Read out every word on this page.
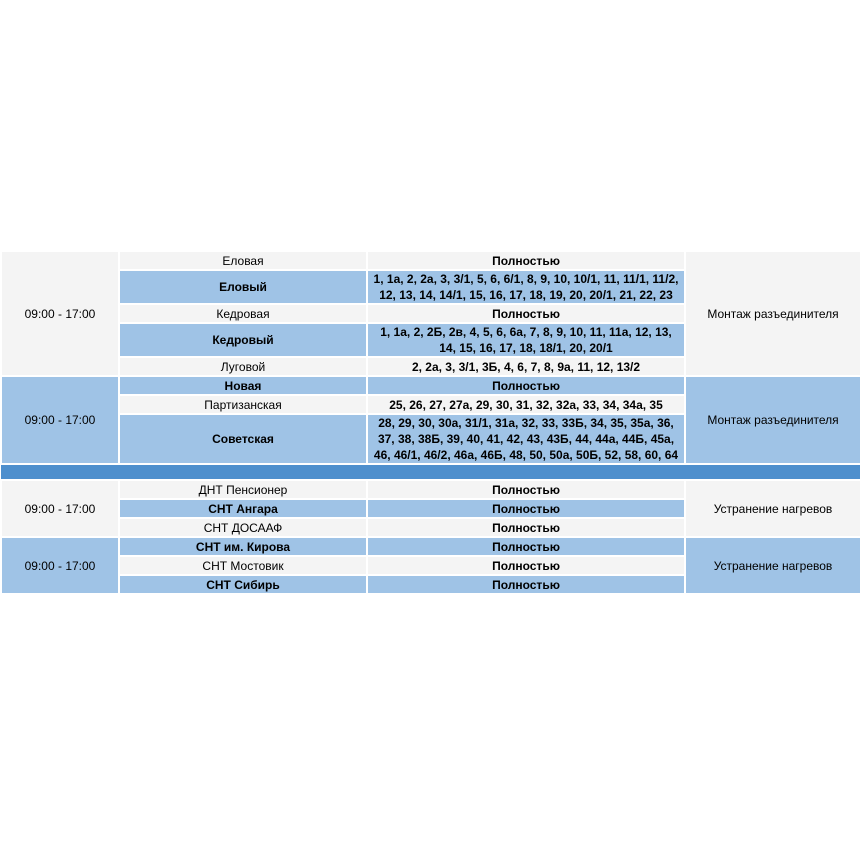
09:00 - 17:00	Еловая	Полностью	Монтаж разъединителя
	Еловый	1, 1а, 2, 2а, 3, 3/1, 5, 6, 6/1, 8, 9, 10, 10/1, 11, 11/1, 11/2, 12, 13, 14, 14/1, 15, 16, 17, 18, 19, 20, 20/1, 21, 22, 23	
	Кедровая	Полностью	
	Кедровый	1, 1а, 2, 2Б, 2в, 4, 5, 6, 6а, 7, 8, 9, 10, 11, 11а, 12, 13, 14, 15, 16, 17, 18, 18/1, 20, 20/1	
	Луговой	2, 2а, 3, 3/1, 3Б, 4, 6, 7, 8, 9а, 11, 12, 13/2	
09:00 - 17:00	Новая	Полностью	Монтаж разъединителя
	Партизанская	25, 26, 27, 27а, 29, 30, 31, 32, 32а, 33, 34, 34а, 35	
	Советская	28, 29, 30, 30а, 31/1, 31а, 32, 33, 33Б, 34, 35, 35а, 36, 37, 38, 38Б, 39, 40, 41, 42, 43, 43Б, 44, 44а, 44Б, 45а, 46, 46/1, 46/2, 46а, 46Б, 48, 50, 50а, 50Б, 52, 58, 60, 64	

09:00 - 17:00	ДНТ Пенсионер	Полностью	Устранение нагревов
	СНТ Ангара	Полностью	
	СНТ ДОСААФ	Полностью	
09:00 - 17:00	СНТ им. Кирова	Полностью	Устранение нагревов
	СНТ Мостовик	Полностью	
	СНТ Сибирь	Полностью	
